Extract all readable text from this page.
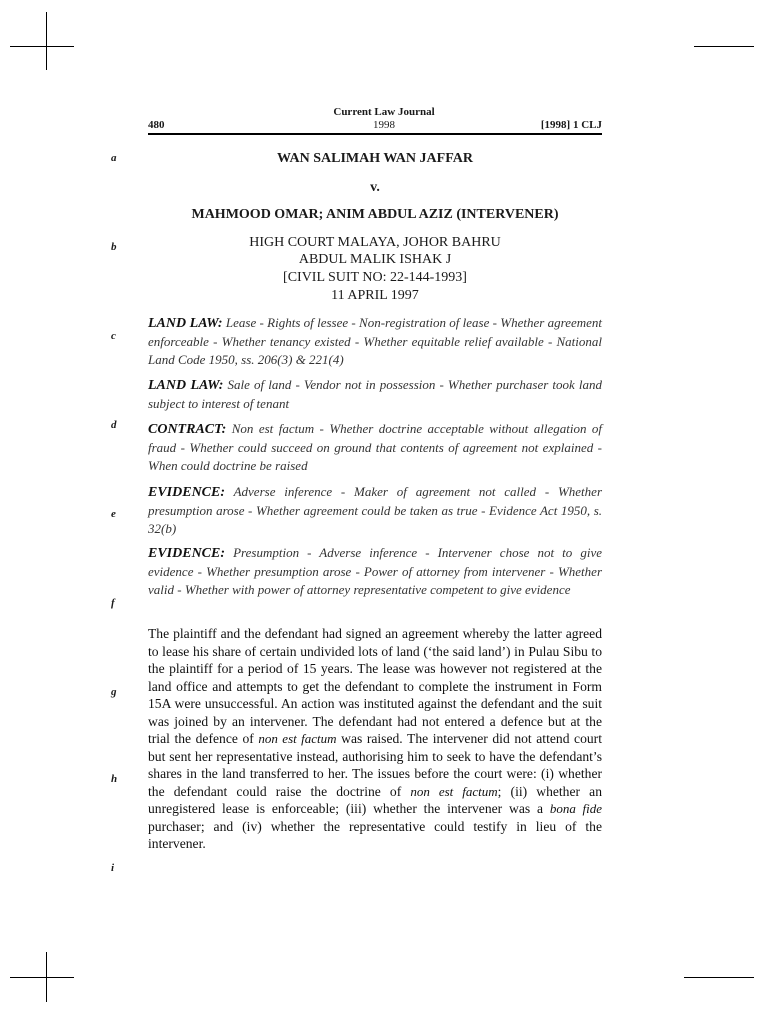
Current Law Journal
1998
480	[1998] 1 CLJ
a
b
c
d
e
f
g
h
i
WAN SALIMAH WAN JAFFAR
v.
MAHMOOD OMAR; ANIM ABDUL AZIZ (INTERVENER)
HIGH COURT MALAYA, JOHOR BAHRU
ABDUL MALIK ISHAK J
[CIVIL SUIT NO: 22-144-1993]
11 APRIL 1997
LAND LAW: Lease - Rights of lessee - Non-registration of lease - Whether agreement enforceable - Whether tenancy existed - Whether equitable relief available - National Land Code 1950, ss. 206(3) & 221(4)
LAND LAW: Sale of land - Vendor not in possession - Whether purchaser took land subject to interest of tenant
CONTRACT: Non est factum - Whether doctrine acceptable without allegation of fraud - Whether could succeed on ground that contents of agreement not explained - When could doctrine be raised
EVIDENCE: Adverse inference - Maker of agreement not called - Whether presumption arose - Whether agreement could be taken as true - Evidence Act 1950, s. 32(b)
EVIDENCE: Presumption - Adverse inference - Intervener chose not to give evidence - Whether presumption arose - Power of attorney from intervener - Whether valid - Whether with power of attorney representative competent to give evidence
The plaintiff and the defendant had signed an agreement whereby the latter agreed to lease his share of certain undivided lots of land (‘the said land’) in Pulau Sibu to the plaintiff for a period of 15 years. The lease was however not registered at the land office and attempts to get the defendant to complete the instrument in Form 15A were unsuccessful. An action was instituted against the defendant and the suit was joined by an intervener. The defendant had not entered a defence but at the trial the defence of non est factum was raised. The intervener did not attend court but sent her representative instead, authorising him to seek to have the defendant’s shares in the land transferred to her. The issues before the court were: (i) whether the defendant could raise the doctrine of non est factum; (ii) whether an unregistered lease is enforceable; (iii) whether the intervener was a bona fide purchaser; and (iv) whether the representative could testify in lieu of the intervener.
